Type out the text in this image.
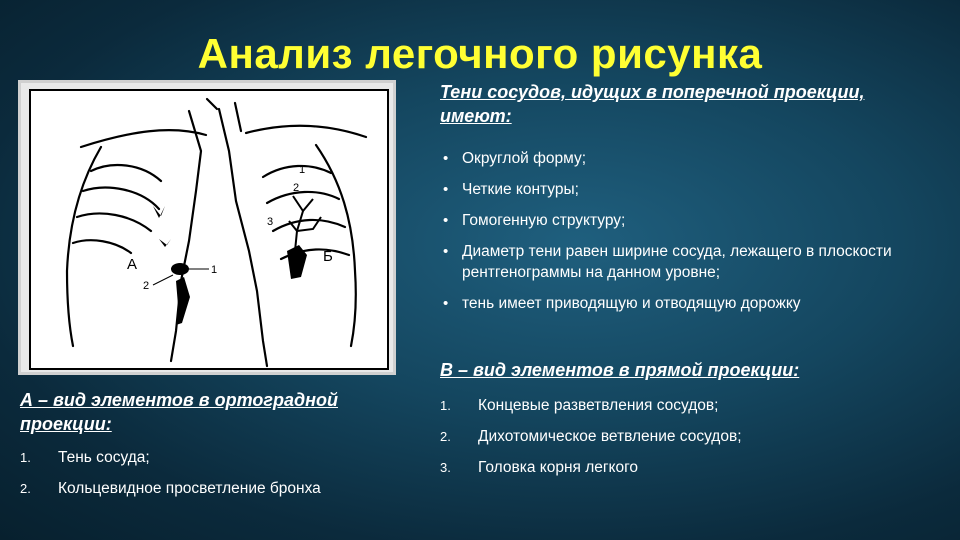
Анализ легочного рисунка
А	Б
1
2
1
2
3
Тени сосудов, идущих в поперечной проекции, имеют:
• Округлой форму;
• Четкие контуры;
• Гомогенную структуру;
• Диаметр тени равен ширине сосуда, лежащего в плоскости рентгенограммы на данном уровне;
• тень имеет приводящую и отводящую дорожку
В – вид элементов в прямой проекции:
1. Концевые разветвления сосудов;
2. Дихотомическое ветвление сосудов;
3. Головка корня легкого
А – вид элементов в ортоградной проекции:
1. Тень сосуда;
2. Кольцевидное просветление бронха
